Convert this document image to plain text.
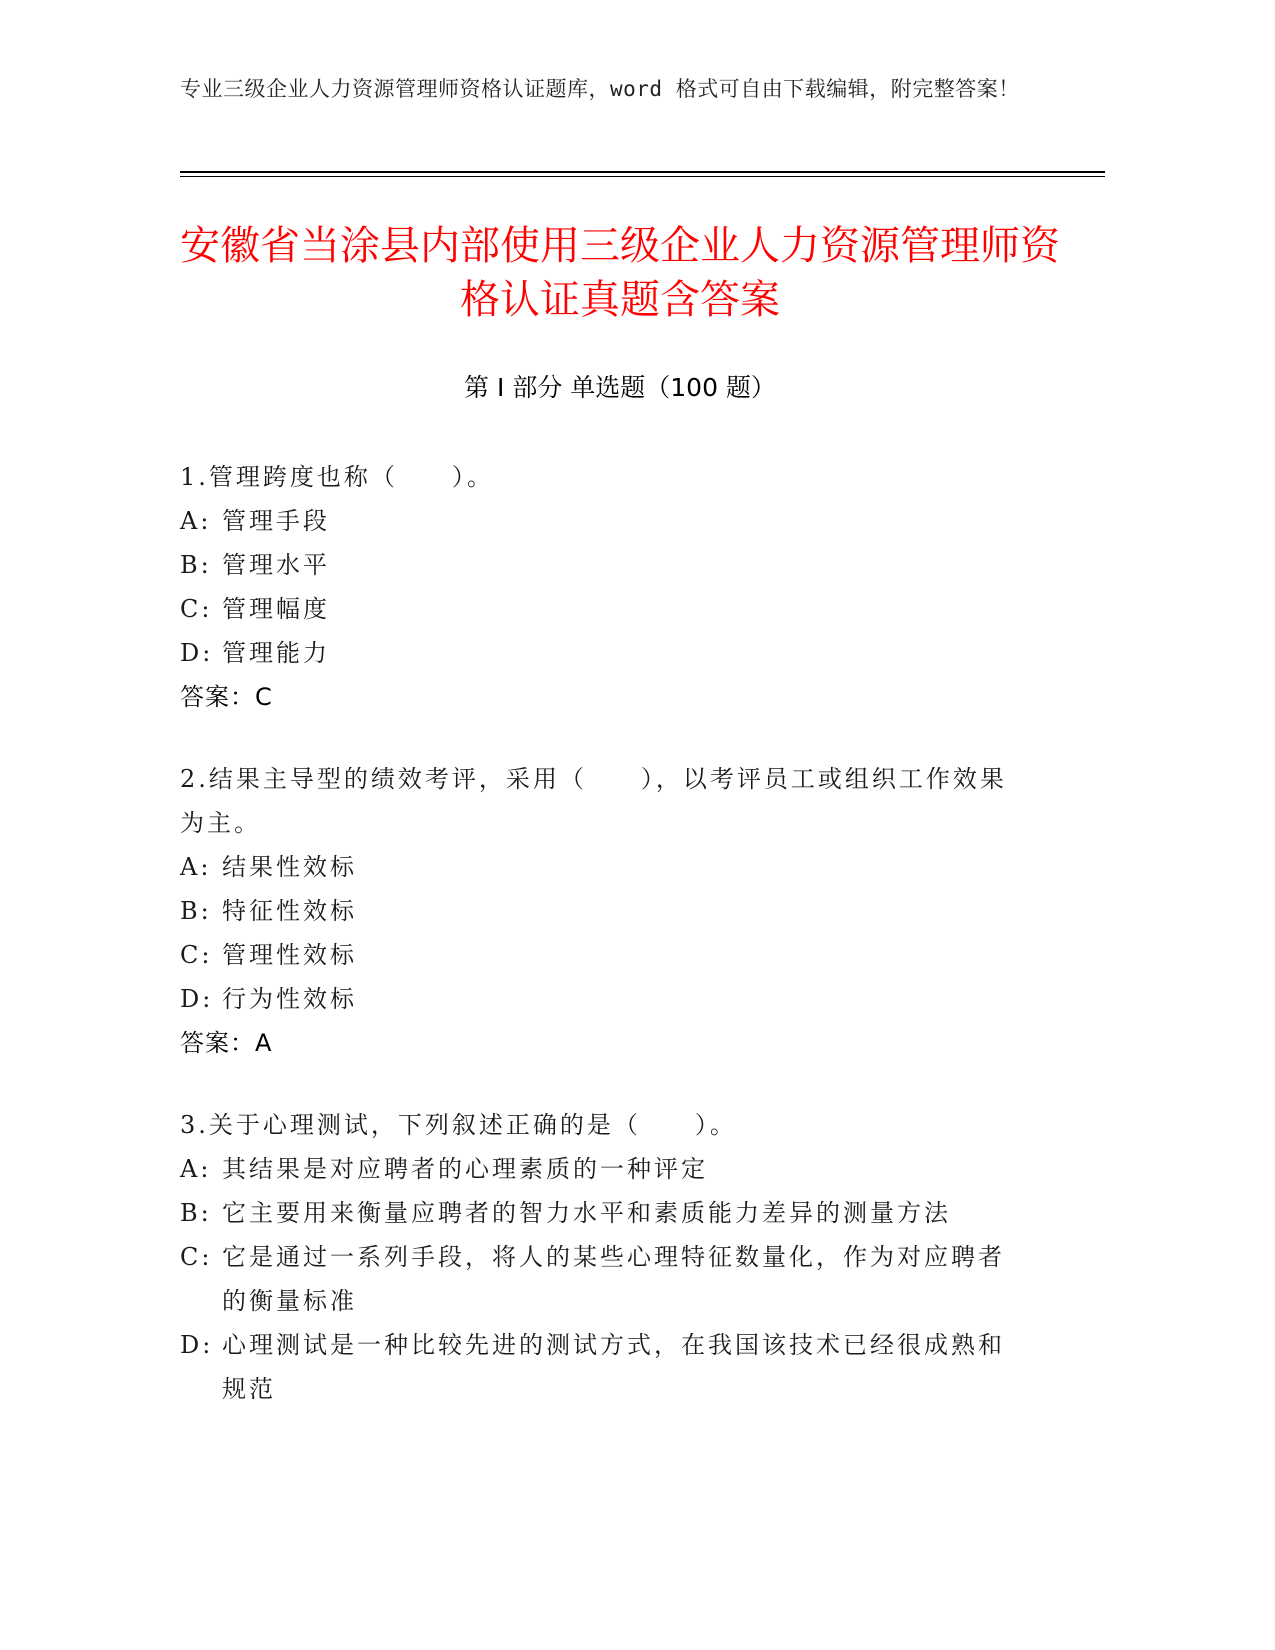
专业三级企业人力资源管理师资格认证题库，word 格式可自由下载编辑，附完整答案！
安徽省当涂县内部使用三级企业人力资源管理师资格认证真题含答案
第 I 部分 单选题（100 题）
1.管理跨度也称（　　）。
A: 管理手段
B: 管理水平
C: 管理幅度
D: 管理能力
答案：C
2.结果主导型的绩效考评，采用（　　），以考评员工或组织工作效果为主。
A: 结果性效标
B: 特征性效标
C: 管理性效标
D: 行为性效标
答案：A
3.关于心理测试，下列叙述正确的是（　　）。
A: 其结果是对应聘者的心理素质的一种评定
B: 它主要用来衡量应聘者的智力水平和素质能力差异的测量方法
C: 它是通过一系列手段，将人的某些心理特征数量化，作为对应聘者的衡量标准
D: 心理测试是一种比较先进的测试方式，在我国该技术已经很成熟和规范
